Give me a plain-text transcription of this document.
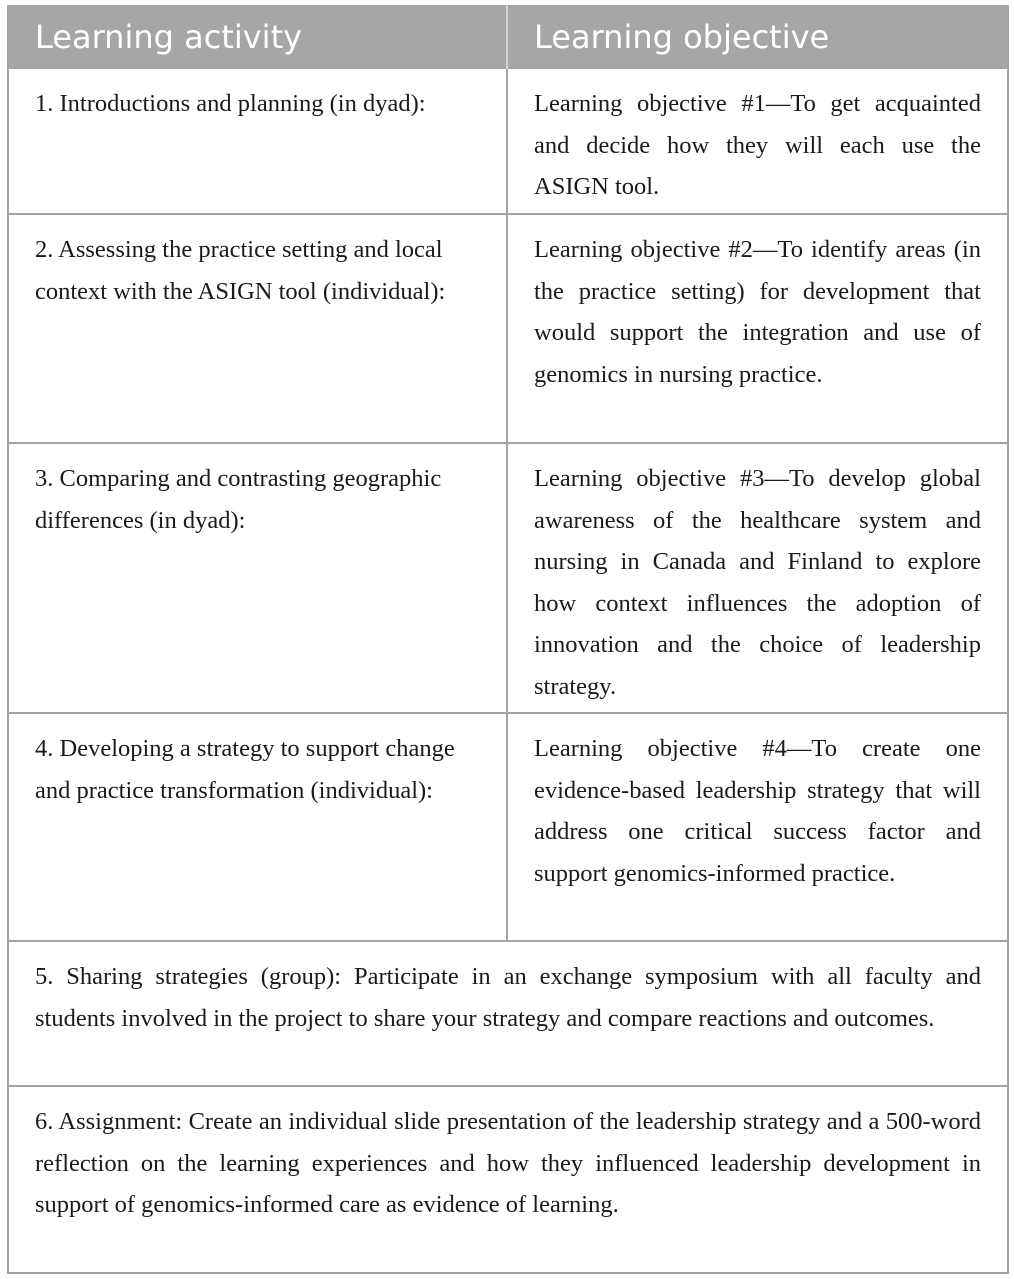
Learning activity	Learning objective

1. Introductions and planning (in dyad):	Learning objective #1—To get acquainted and decide how they will each use the ASIGN tool.

2. Assessing the practice setting and local context with the ASIGN tool (individual):	Learning objective #2—To identify areas (in the practice setting) for development that would support the integration and use of genomics in nursing practice.

3. Comparing and contrasting geographic differences (in dyad):	Learning objective #3—To develop global awareness of the healthcare system and nursing in Canada and Finland to explore how context influences the adoption of innovation and the choice of leadership strategy.

4. Developing a strategy to support change and practice transformation (individual):	Learning objective #4—To create one evidence-based leadership strategy that will address one critical success factor and support genomics-informed practice.

5. Sharing strategies (group): Participate in an exchange symposium with all faculty and students involved in the project to share your strategy and compare reactions and outcomes.	

6. Assignment: Create an individual slide presentation of the leadership strategy and a 500-word reflection on the learning experiences and how they influenced leadership development in support of genomics-informed care as evidence of learning.	
